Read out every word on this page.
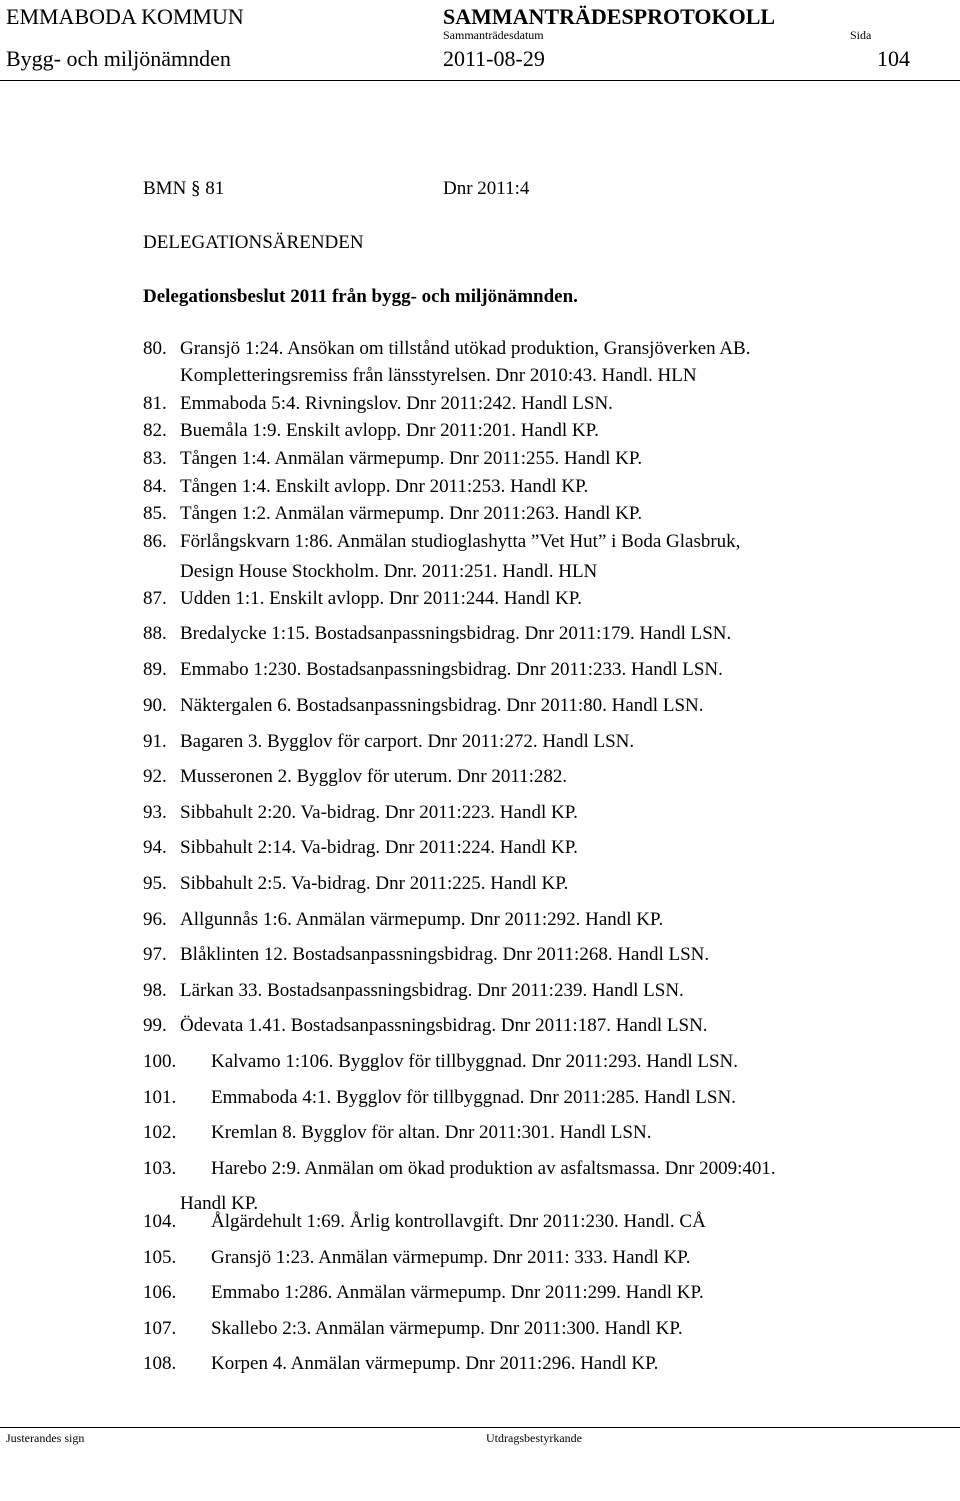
EMMABODA KOMMUN	SAMMANTRÄDESPROTOKOLL
Sammanträdesdatum	Sida
Bygg- och miljönämnden	2011-08-29	104
BMN § 81	Dnr 2011:4
DELEGATIONSÄRENDEN
Delegationsbeslut 2011 från bygg- och miljönämnden.
80. Gransjö 1:24. Ansökan om tillstånd utökad produktion, Gransjöverken AB.
Kompletteringsremiss från länsstyrelsen. Dnr 2010:43. Handl. HLN
81. Emmaboda 5:4. Rivningslov. Dnr 2011:242. Handl LSN.
82. Buemåla 1:9. Enskilt avlopp. Dnr 2011:201. Handl KP.
83. Tången 1:4. Anmälan värmepump. Dnr 2011:255. Handl KP.
84. Tången 1:4. Enskilt avlopp. Dnr 2011:253. Handl KP.
85. Tången 1:2. Anmälan värmepump. Dnr 2011:263. Handl KP.
86. Förlångskvarn 1:86. Anmälan studioglashytta ”Vet Hut” i Boda Glasbruk,
Design House Stockholm. Dnr. 2011:251. Handl. HLN
87. Udden 1:1. Enskilt avlopp. Dnr 2011:244. Handl KP.
88. Bredalycke 1:15. Bostadsanpassningsbidrag. Dnr 2011:179. Handl LSN.
89. Emmabo 1:230. Bostadsanpassningsbidrag. Dnr 2011:233. Handl LSN.
90. Näktergalen 6. Bostadsanpassningsbidrag. Dnr 2011:80. Handl LSN.
91. Bagaren 3. Bygglov för carport. Dnr 2011:272. Handl LSN.
92. Musseronen 2. Bygglov för uterum. Dnr 2011:282.
93. Sibbahult 2:20. Va-bidrag. Dnr 2011:223. Handl KP.
94. Sibbahult 2:14. Va-bidrag. Dnr 2011:224. Handl KP.
95. Sibbahult 2:5. Va-bidrag. Dnr 2011:225. Handl KP.
96. Allgunnås 1:6. Anmälan värmepump. Dnr 2011:292. Handl KP.
97. Blåklinten 12. Bostadsanpassningsbidrag. Dnr 2011:268. Handl LSN.
98. Lärkan 33. Bostadsanpassningsbidrag. Dnr 2011:239. Handl LSN.
99. Ödevata 1.41. Bostadsanpassningsbidrag. Dnr 2011:187. Handl LSN.
100. Kalvamo 1:106. Bygglov för tillbyggnad. Dnr 2011:293. Handl LSN.
101. Emmaboda 4:1. Bygglov för tillbyggnad. Dnr 2011:285. Handl LSN.
102. Kremlan 8. Bygglov för altan. Dnr 2011:301. Handl LSN.
103. Harebo 2:9. Anmälan om ökad produktion av asfaltsmassa. Dnr 2009:401.
Handl KP.
104. Ålgärdehult 1:69. Årlig kontrollavgift. Dnr 2011:230. Handl. CÅ
105. Gransjö 1:23. Anmälan värmepump. Dnr 2011: 333. Handl KP.
106. Emmabo 1:286. Anmälan värmepump. Dnr 2011:299. Handl KP.
107. Skallebo 2:3. Anmälan värmepump. Dnr 2011:300. Handl KP.
108. Korpen 4. Anmälan värmepump. Dnr 2011:296. Handl KP.
Justerandes sign	Utdragsbestyrkande
